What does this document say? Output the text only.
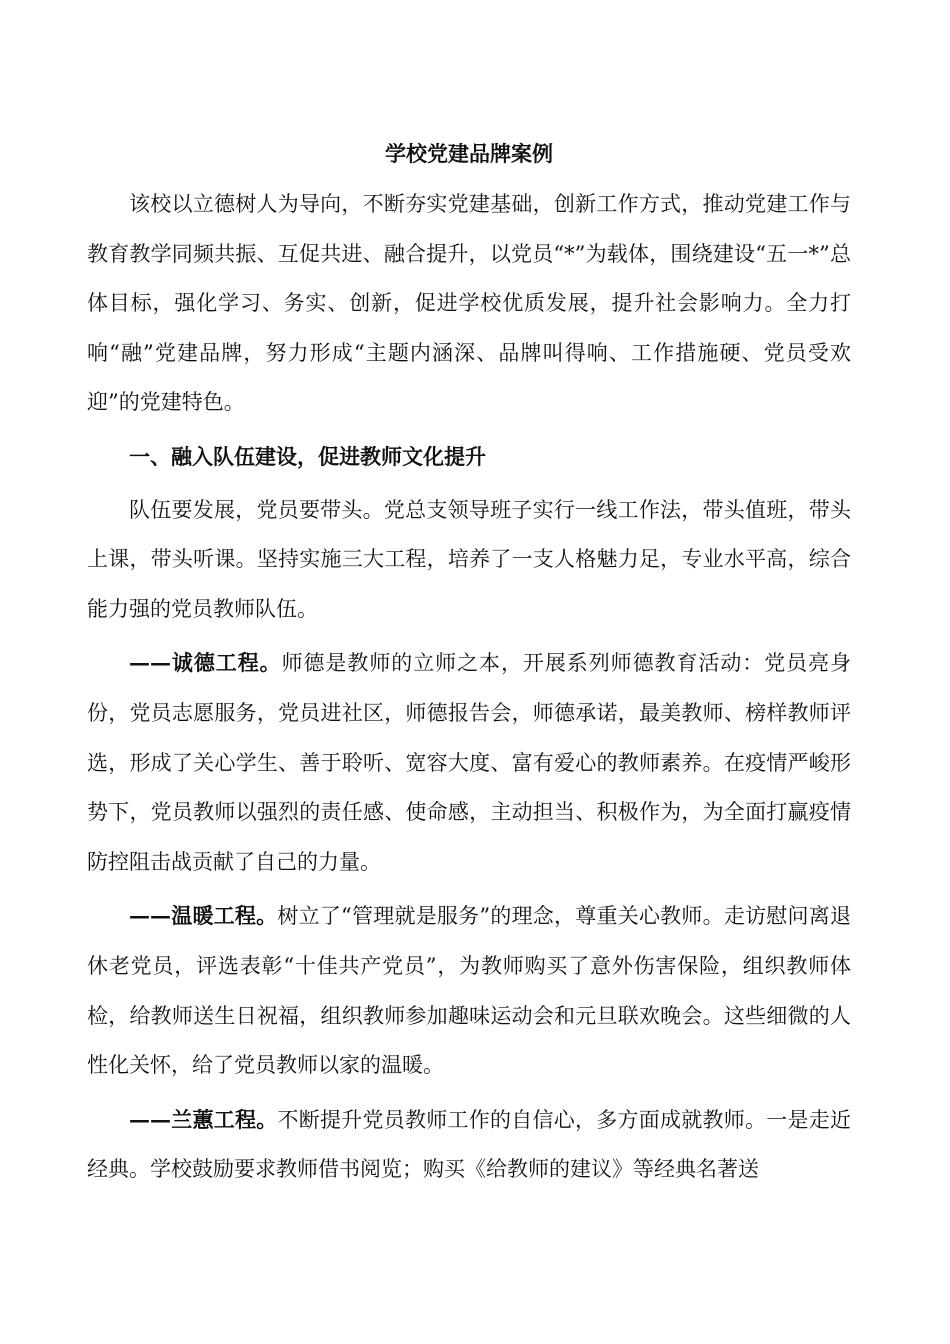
学校党建品牌案例

该校以立德树人为导向，不断夯实党建基础，创新工作方式，推动党建工作与教育教学同频共振、互促共进、融合提升，以党员“*”为载体，围绕建设“五一*”总体目标，强化学习、务实、创新，促进学校优质发展，提升社会影响力。全力打响“融”党建品牌，努力形成“主题内涵深、品牌叫得响、工作措施硬、党员受欢迎”的党建特色。

一、融入队伍建设，促进教师文化提升

队伍要发展，党员要带头。党总支领导班子实行一线工作法，带头值班，带头上课，带头听课。坚持实施三大工程，培养了一支人格魅力足，专业水平高，综合能力强的党员教师队伍。

——诚德工程。师德是教师的立师之本，开展系列师德教育活动：党员亮身份，党员志愿服务，党员进社区，师德报告会，师德承诺，最美教师、榜样教师评选，形成了关心学生、善于聆听、宽容大度、富有爱心的教师素养。在疫情严峻形势下，党员教师以强烈的责任感、使命感，主动担当、积极作为，为全面打赢疫情防控阻击战贡献了自己的力量。

——温暖工程。树立了“管理就是服务”的理念，尊重关心教师。走访慰问离退休老党员，评选表彰“十佳共产党员”，为教师购买了意外伤害保险，组织教师体检，给教师送生日祝福，组织教师参加趣味运动会和元旦联欢晚会。这些细微的人性化关怀，给了党员教师以家的温暖。

——兰蕙工程。不断提升党员教师工作的自信心，多方面成就教师。一是走近经典。学校鼓励要求教师借书阅览；购买《给教师的建议》等经典名著送
